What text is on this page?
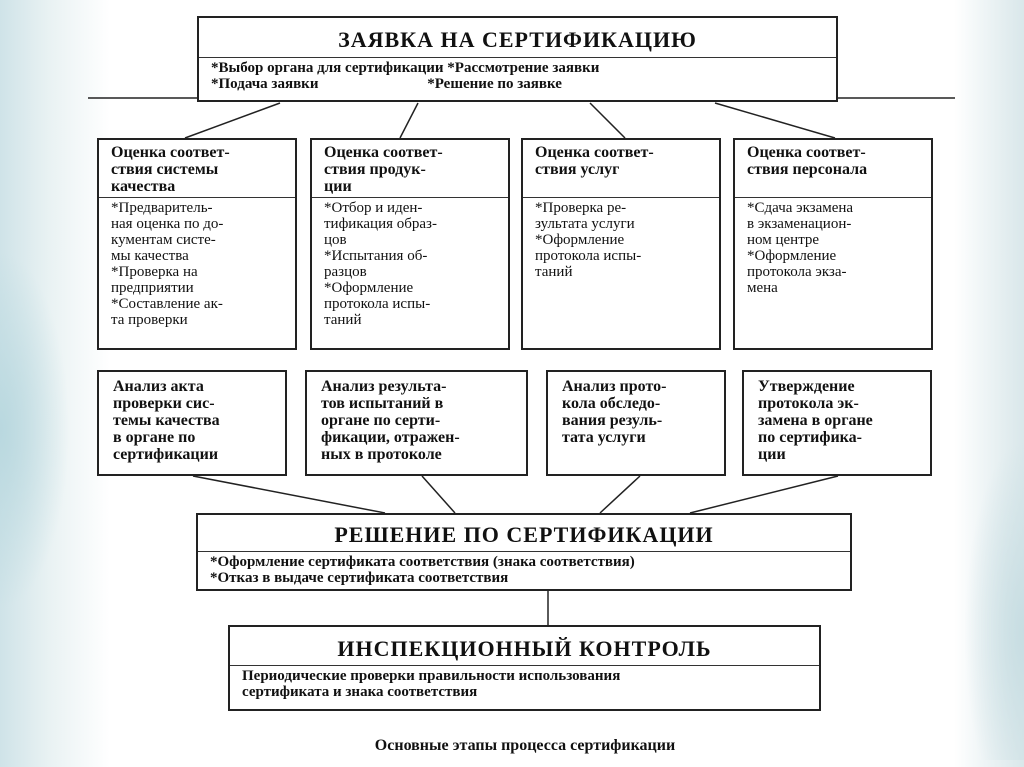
ЗАЯВКА НА СЕРТИФИКАЦИЮ
*Выбор органа для сертификации *Рассмотрение заявки
*Подача заявки                             *Решение по заявке
Оценка соответ-
ствия системы
качества
*Предваритель-
ная оценка по до-
кументам систе-
мы качества
*Проверка на
предприятии
*Составление ак-
та проверки
Оценка соответ-
ствия продук-
ции
*Отбор и иден-
тификация образ-
цов
*Испытания об-
разцов
*Оформление
протокола испы-
таний
Оценка соответ-
ствия услуг
*Проверка ре-
зультата услуги
*Оформление
протокола испы-
таний
Оценка соответ-
ствия персонала
*Сдача экзамена
в экзаменацион-
ном центре
*Оформление
протокола экза-
мена
Анализ акта
проверки сис-
темы качества
в органе по
сертификации
Анализ результа-
тов испытаний в
органе по серти-
фикации, отражен-
ных в протоколе
Анализ прото-
кола обследо-
вания резуль-
тата услуги
Утверждение
протокола эк-
замена в органе
по сертифика-
ции
РЕШЕНИЕ ПО СЕРТИФИКАЦИИ
*Оформление сертификата соответствия (знака соответствия)
*Отказ в выдаче сертификата соответствия
ИНСПЕКЦИОННЫЙ КОНТРОЛЬ
Периодические проверки правильности использования
сертификата и знака соответствия
Основные этапы процесса сертификации
